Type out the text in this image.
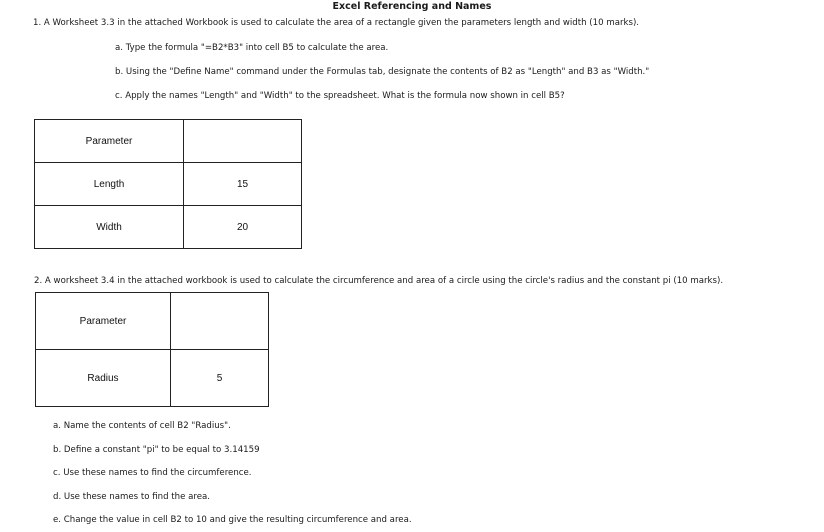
Excel Referencing and Names
1. A Worksheet 3.3 in the attached Workbook is used to calculate the area of a rectangle given the parameters length and width (10 marks).
a. Type the formula "=B2*B3" into cell B5 to calculate the area.
b. Using the "Define Name" command under the Formulas tab, designate the contents of B2 as "Length" and B3 as "Width."
c. Apply the names "Length" and "Width" to the spreadsheet. What is the formula now shown in cell B5?
Parameter	
Length	15
Width	20
2. A worksheet 3.4 in the attached workbook is used to calculate the circumference and area of a circle using the circle's radius and the constant pi (10 marks).
Parameter	
Radius	5
a. Name the contents of cell B2 "Radius".
b. Define a constant "pi" to be equal to 3.14159
c. Use these names to find the circumference.
d. Use these names to find the area.
e. Change the value in cell B2 to 10 and give the resulting circumference and area.
